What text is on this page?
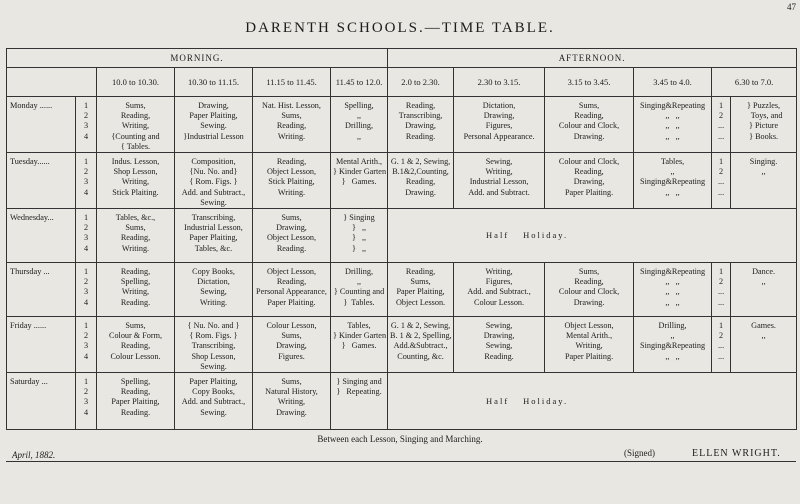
47
DARENTH SCHOOLS.—TIME TABLE.
MORNING.						AFTERNOON.					
		10.0 to 10.30.	10.30 to 11.15.	11.15 to 11.45.	11.45 to 12.0.	2.0 to 2.30.	2.30 to 3.15.	3.15 to 3.45.	3.45 to 4.0.	6.30 to 7.0.	

Monday ......	1
2
3
4	Sums,
Reading,
Writing,
{Counting and
{ Tables.	Drawing,
Paper Plaiting,
Sewing.
}Industrial Lesson	Nat. Hist. Lesson,
Sums,
Reading,
Writing.	Spelling,
,,
Drilling,
,,	Reading,
Transcribing,
Drawing,
Reading.	Dictation,
Drawing,
Figures,
Personal Appearance.	Sums,
Reading,
Colour and Clock,
Drawing.	Singing&Repeating
,,   ,,
,,   ,,
,,   ,,	1
2
...
...	} Puzzles,
Toys, and
} Picture
} Books.

Tuesday......	1
2
3
4	Indus. Lesson,
Shop Lesson,
Writing,
Stick Plaiting.	Composition,
{Nu. No. and}
{ Rom. Figs. }
Add. and Subtract.,
Sewing.	Reading,
Object Lesson,
Stick Plaiting,
Writing.	Mental Arith.,
} Kinder Garten
}   Games.	G. 1 & 2, Sewing,
B.1&2,Counting,
Reading,
Drawing.	Sewing,
Writing,
Industrial Lesson,
Add. and Subtract.	Colour and Clock,
Reading,
Drawing,
Paper Plaiting.	Tables,
,,
Singing&Repeating
,,   ,,	1
2
...
...	Singing.
,,

Wednesday...	1
2
3
4	Tables, &c.,
Sums,
Reading,
Writing.	Transcribing,
Industrial Lesson,
Paper Plaiting,
Tables, &c.	Sums,
Drawing,
Object Lesson,
Reading.	} Singing
}   ,,
}   ,,
}   ,,	Half Holiday.					

Thursday ...	1
2
3
4	Reading,
Spelling,
Writing,
Reading.	Copy Books,
Dictation,
Sewing,
Writing.	Object Lesson,
Reading,
Personal Appearance,
Paper Plaiting.	Drilling,
,,
} Counting and
}  Tables.	Reading,
Sums,
Paper Plaiting,
Object Lesson.	Writing,
Figures,
Add. and Subtract.,
Colour Lesson.	Sums,
Reading,
Colour and Clock,
Drawing.	Singing&Repeating
,,   ,,
,,   ,,
,,   ,,	1
2
...
...	Dance.
,,

Friday ......	1
2
3
4	Sums,
Colour & Form,
Reading,
Colour Lesson.	{ Nu. No. and }
{ Rom. Figs. }
Transcribing,
Shop Lesson,
Sewing.	Colour Lesson,
Sums,
Drawing,
Figures.	Tables,
} Kinder Garten
}   Games.	G. 1 & 2, Sewing,
B. 1 & 2, Spelling,
Add.&Subtract.,
Counting, &c.	Sewing,
Drawing,
Sewing,
Reading.	Object Lesson,
Mental Arith.,
Writing,
Paper Plaiting.	Drilling,
,,
Singing&Repeating
,,   ,,	1
2
...
...	Games.
,,

Saturday ...	1
2
3
4	Spelling,
Reading,
Paper Plaiting,
Reading.	Paper Plaiting,
Copy Books,
Add. and Subtract.,
Sewing.	Sums,
Natural History,
Writing,
Drawing.	} Singing and
}   Repeating.	Half Holiday.					
Between each Lesson, Singing and Marching.
April, 1882.	(Signed)	ELLEN WRIGHT.
